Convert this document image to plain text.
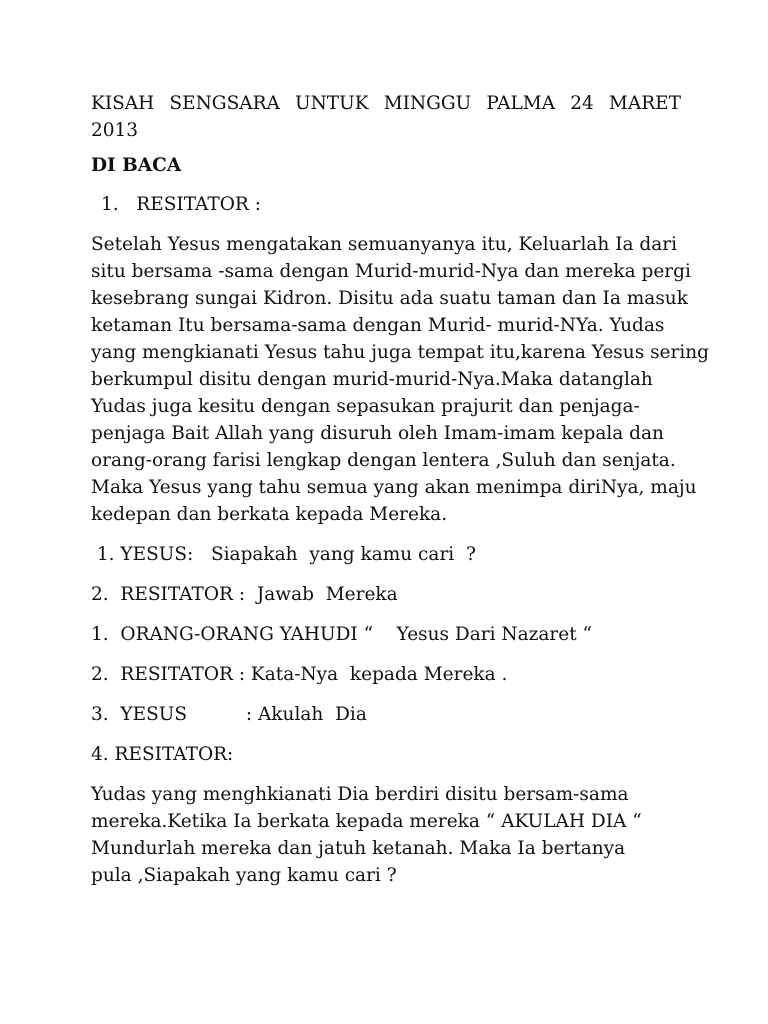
KISAH SENGSARA UNTUK MINGGU PALMA 24 MARET
2013
DI BACA
1.   RESITATOR :
Setelah Yesus mengatakan semuanyanya itu, Keluarlah Ia dari
situ bersama -sama dengan Murid-murid-Nya dan mereka pergi
kesebrang sungai Kidron. Disitu ada suatu taman dan Ia masuk
ketaman Itu bersama-sama dengan Murid- murid-NYa. Yudas
yang mengkianati Yesus tahu juga tempat itu,karena Yesus sering
berkumpul disitu dengan murid-murid-Nya.Maka datanglah
Yudas juga kesitu dengan sepasukan prajurit dan penjaga-
penjaga Bait Allah yang disuruh oleh Imam-imam kepala dan
orang-orang farisi lengkap dengan lentera ,Suluh dan senjata.
Maka Yesus yang tahu semua yang akan menimpa diriNya, maju
kedepan dan berkata kepada Mereka.
1. YESUS:   Siapakah  yang kamu cari  ?
2.  RESITATOR :  Jawab  Mereka
1.  ORANG-ORANG YAHUDI “    Yesus Dari Nazaret “
2.  RESITATOR : Kata-Nya  kepada Mereka .
3.  YESUS          : Akulah  Dia
4. RESITATOR:
Yudas yang menghkianati Dia berdiri disitu bersam-sama
mereka.Ketika Ia berkata kepada mereka “ AKULAH DIA “
Mundurlah mereka dan jatuh ketanah. Maka Ia bertanya
pula ,Siapakah yang kamu cari ?
